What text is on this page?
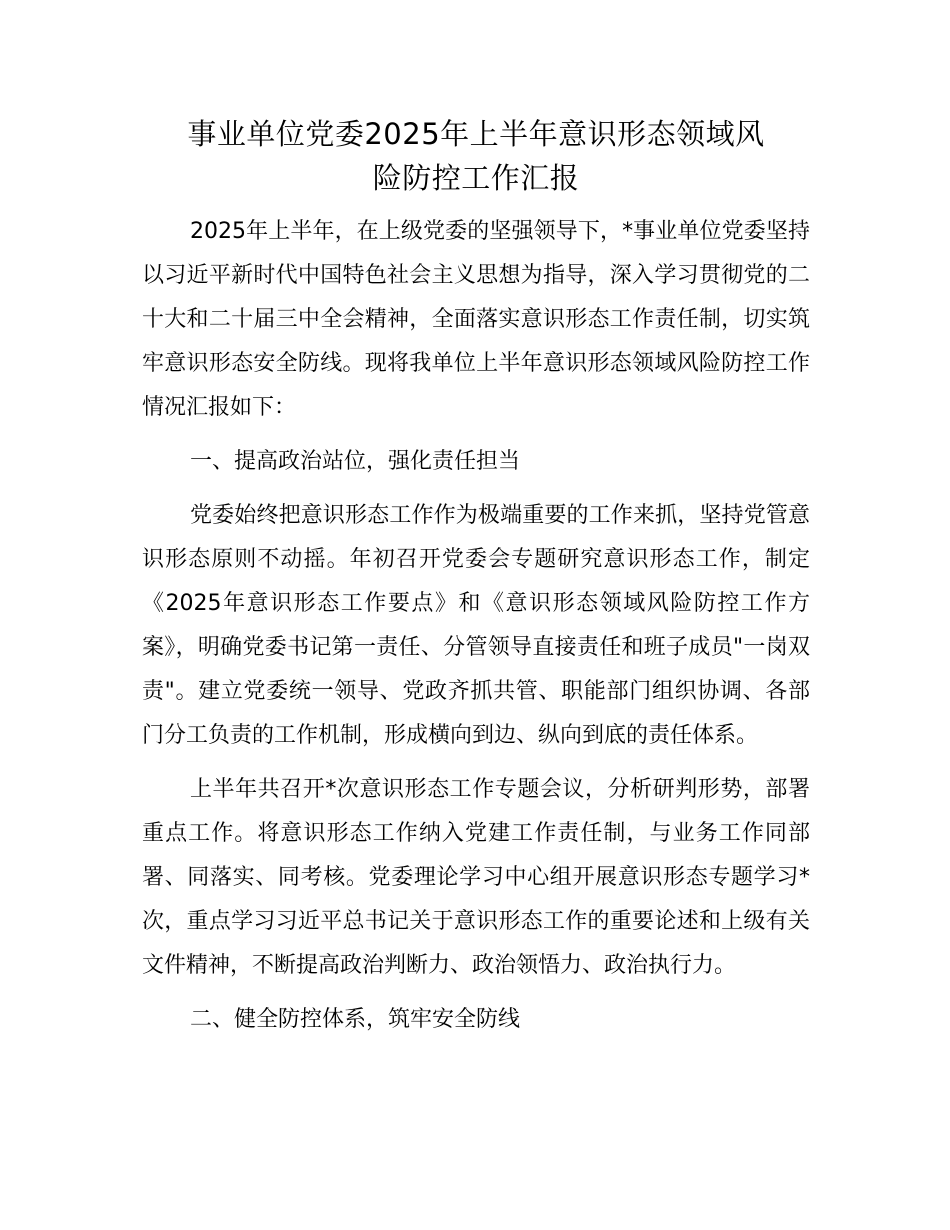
事业单位党委2025年上半年意识形态领域风
险防控工作汇报

2025年上半年，在上级党委的坚强领导下，*事业单位党委坚持以习近平新时代中国特色社会主义思想为指导，深入学习贯彻党的二十大和二十届三中全会精神，全面落实意识形态工作责任制，切实筑牢意识形态安全防线。现将我单位上半年意识形态领域风险防控工作情况汇报如下：

一、提高政治站位，强化责任担当

党委始终把意识形态工作作为极端重要的工作来抓，坚持党管意识形态原则不动摇。年初召开党委会专题研究意识形态工作，制定《2025年意识形态工作要点》和《意识形态领域风险防控工作方案》，明确党委书记第一责任、分管领导直接责任和班子成员"一岗双责"。建立党委统一领导、党政齐抓共管、职能部门组织协调、各部门分工负责的工作机制，形成横向到边、纵向到底的责任体系。

上半年共召开*次意识形态工作专题会议，分析研判形势，部署重点工作。将意识形态工作纳入党建工作责任制，与业务工作同部署、同落实、同考核。党委理论学习中心组开展意识形态专题学习*次，重点学习习近平总书记关于意识形态工作的重要论述和上级有关文件精神，不断提高政治判断力、政治领悟力、政治执行力。

二、健全防控体系，筑牢安全防线
